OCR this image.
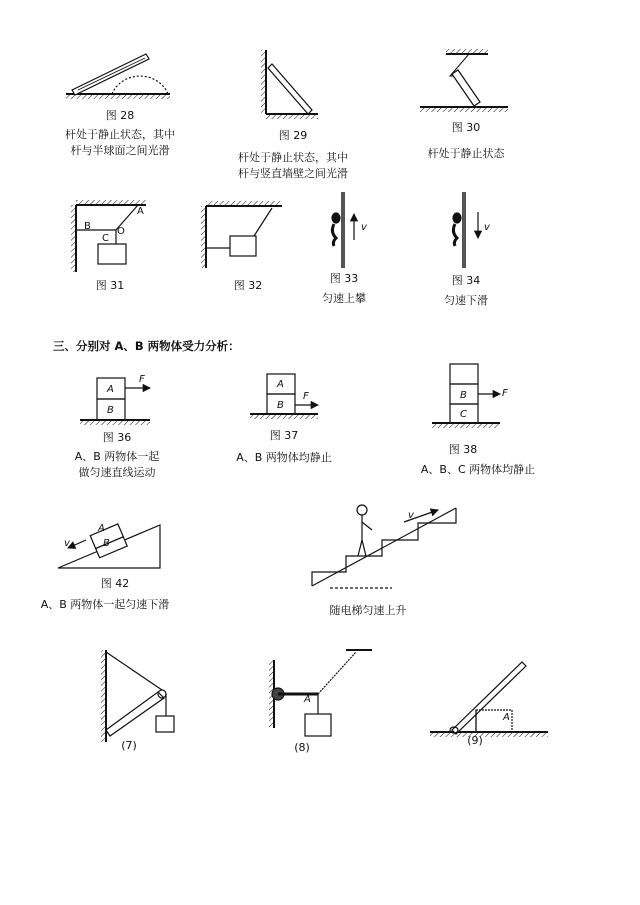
图 28
杆处于静止状态，其中
杆与半球面之间光滑
图 29
杆处于静止状态，其中
杆与竖直墙壁之间光滑
图 30
杆处于静止状态
A
B
C
O
图 31	图 32
v
图 33
匀速上攀
v
图 34
匀速下滑
三、分别对 A、B 两物体受力分析：
A
B
F
图 36
A、B 两物体一起
做匀速直线运动
A
B
F
图 37
A、B 两物体均静止
B
C
F
图 38
A、B、C 两物体均静止
A
B
v
图 42
A、B 两物体一起匀速下滑
v
随电梯匀速上升
(7)
A
(8)
A
(9)
